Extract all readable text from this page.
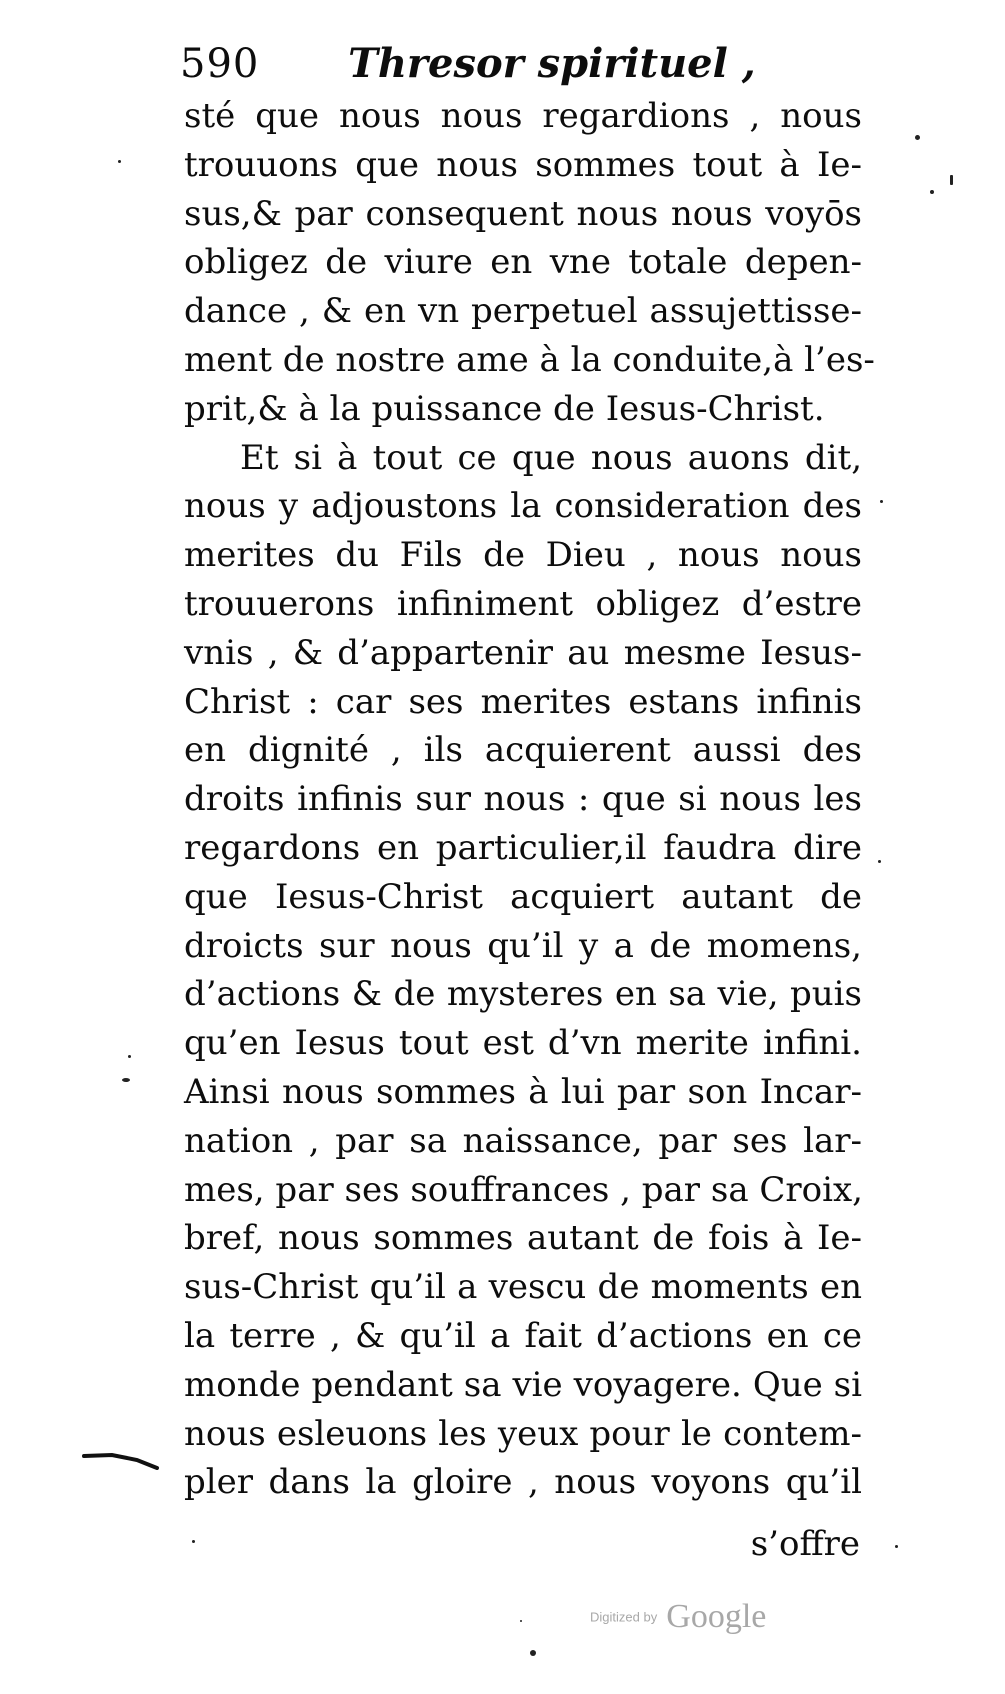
590 Thresor spirituel ,
sté que nous nous regardions , nous
trouuons que nous sommes tout à Ie-
sus,& par consequent nous nous voyōs
obligez de viure en vne totale depen-
dance , & en vn perpetuel assujettisse-
ment de nostre ame à la conduite,à l’es-
prit,& à la puissance de Iesus-Christ.
Et si à tout ce que nous auons dit,
nous y adjoustons la consideration des
merites du Fils de Dieu , nous nous
trouuerons infiniment obligez d’estre
vnis , & d’appartenir au mesme Iesus-
Christ : car ses merites estans infinis
en dignité , ils acquierent aussi des
droits infinis sur nous : que si nous les
regardons en particulier,il faudra dire
que Iesus-Christ acquiert autant de
droicts sur nous qu’il y a de momens,
d’actions & de mysteres en sa vie, puis
qu’en Iesus tout est d’vn merite infini.
Ainsi nous sommes à lui par son Incar-
nation , par sa naissance, par ses lar-
mes, par ses souffrances , par sa Croix,
bref, nous sommes autant de fois à Ie-
sus-Christ qu’il a vescu de moments en
la terre , & qu’il a fait d’actions en ce
monde pendant sa vie voyagere. Que si
nous esleuons les yeux pour le contem-
pler dans la gloire , nous voyons qu’il
s’offre
Digitized by Google
